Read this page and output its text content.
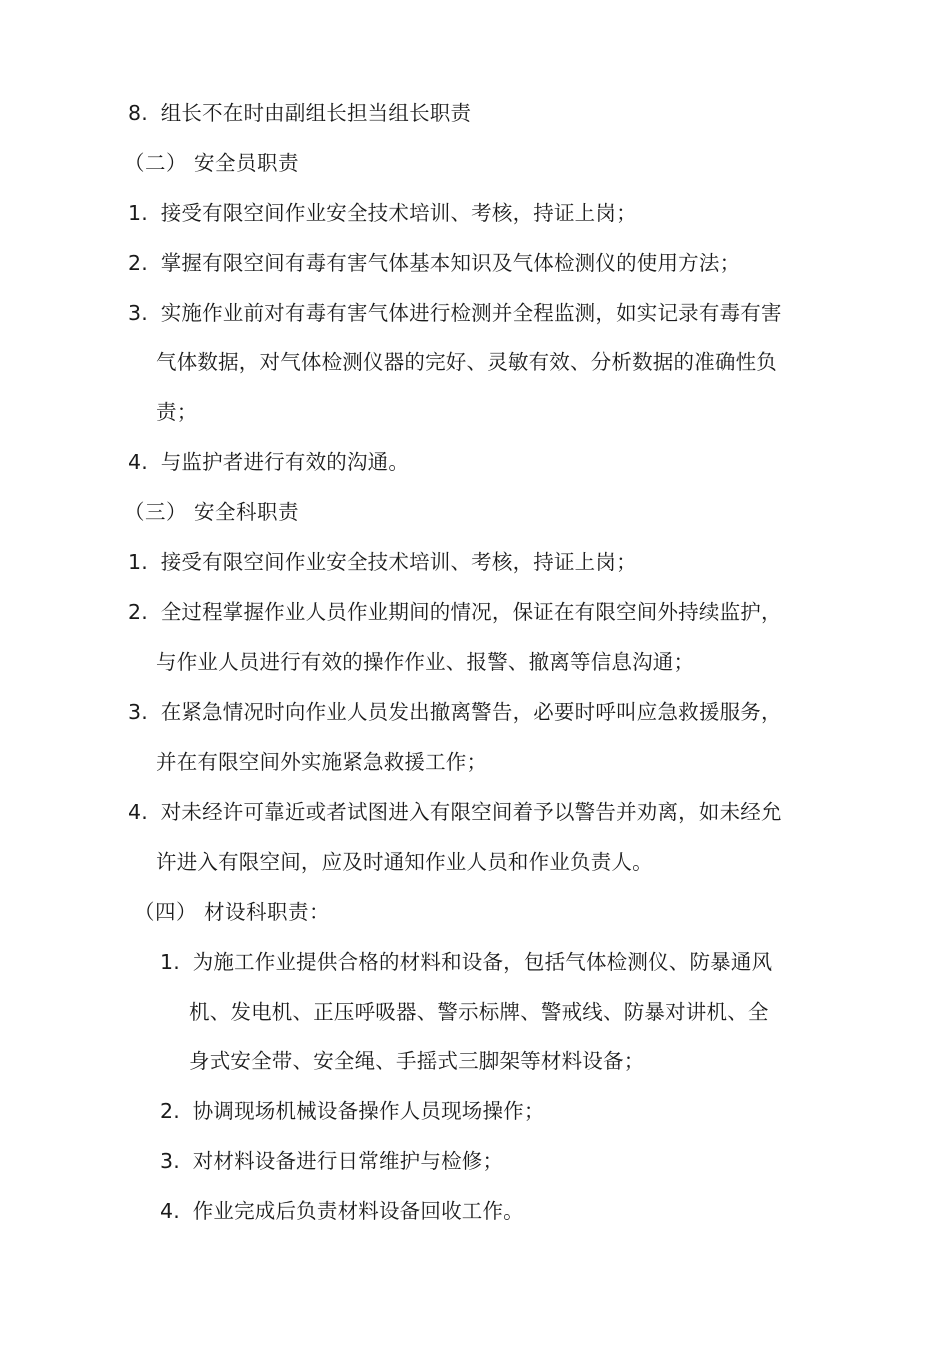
8. 组长不在时由副组长担当组长职责
（二） 安全员职责
1. 接受有限空间作业安全技术培训、考核，持证上岗；
2. 掌握有限空间有毒有害气体基本知识及气体检测仪的使用方法；
3. 实施作业前对有毒有害气体进行检测并全程监测，如实记录有毒有害
气体数据，对气体检测仪器的完好、灵敏有效、分析数据的准确性负
责；
4. 与监护者进行有效的沟通。
（三） 安全科职责
1. 接受有限空间作业安全技术培训、考核，持证上岗；
2. 全过程掌握作业人员作业期间的情况，保证在有限空间外持续监护，
与作业人员进行有效的操作作业、报警、撤离等信息沟通；
3. 在紧急情况时向作业人员发出撤离警告，必要时呼叫应急救援服务，
并在有限空间外实施紧急救援工作；
4. 对未经许可靠近或者试图进入有限空间着予以警告并劝离，如未经允
许进入有限空间，应及时通知作业人员和作业负责人。
（四） 材设科职责：
1. 为施工作业提供合格的材料和设备，包括气体检测仪、防暴通风
机、发电机、正压呼吸器、警示标牌、警戒线、防暴对讲机、全
身式安全带、安全绳、手摇式三脚架等材料设备；
2. 协调现场机械设备操作人员现场操作；
3. 对材料设备进行日常维护与检修；
4. 作业完成后负责材料设备回收工作。
